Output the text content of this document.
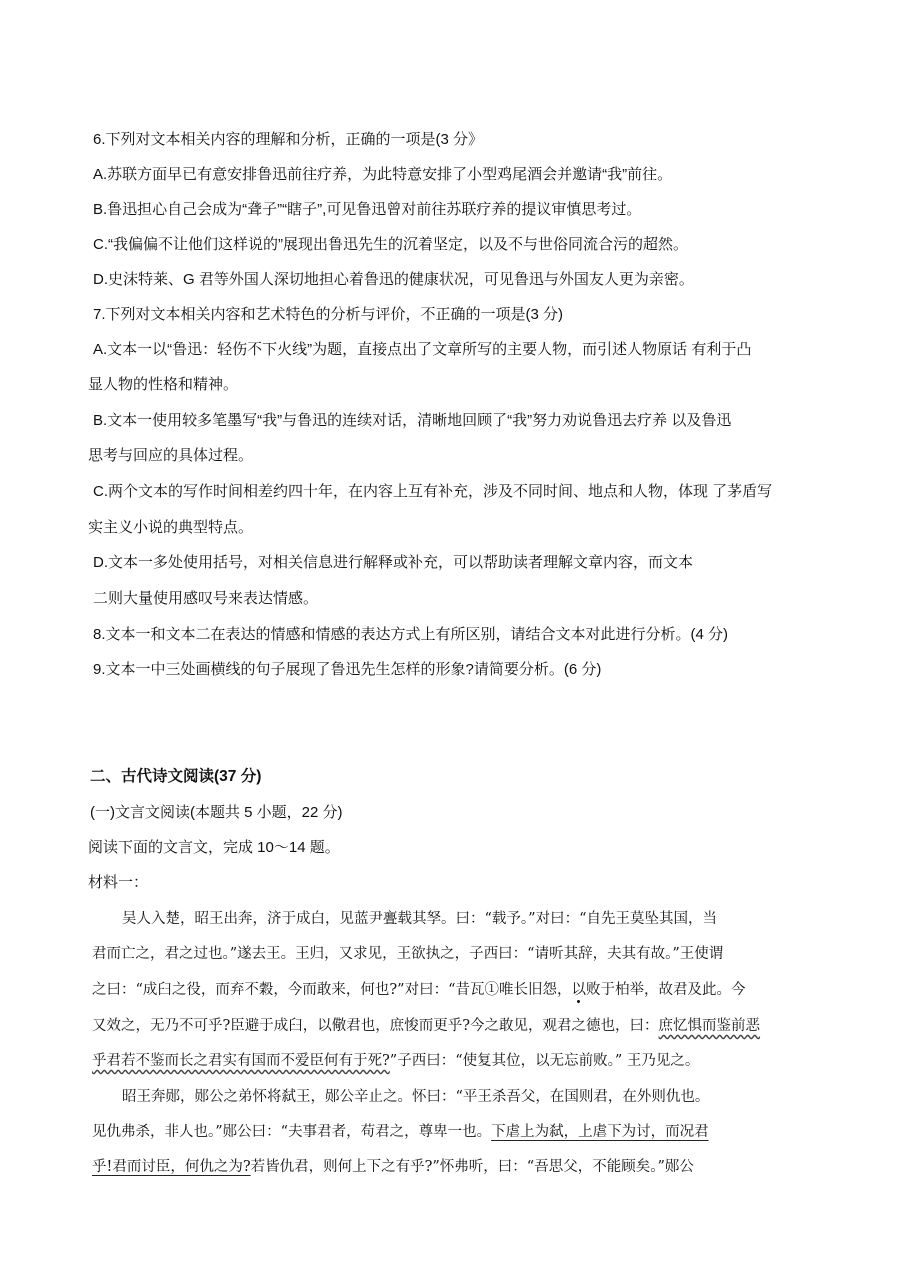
6.下列对文本相关内容的理解和分析，正确的一项是(3 分》
A.苏联方面早已有意安排鲁迅前往疗养，为此特意安排了小型鸡尾酒会并邀请“我”前往。
B.鲁迅担心自己会成为“聋子”“瞎子”,可见鲁迅曾对前往苏联疗养的提议审慎思考过。
C.“我偏偏不让他们这样说的”展现出鲁迅先生的沉着坚定，以及不与世俗同流合污的超然。
D.史沫特莱、G 君等外国人深切地担心着鲁迅的健康状况，可见鲁迅与外国友人更为亲密。
7.下列对文本相关内容和艺术特色的分析与评价，不正确的一项是(3 分)
A.文本一以“鲁迅：轻伤不下火线”为题，直接点出了文章所写的主要人物，而引述人物原话 有利于凸
显人物的性格和精神。
B.文本一使用较多笔墨写“我”与鲁迅的连续对话，清晰地回顾了“我”努力劝说鲁迅去疗养 以及鲁迅
思考与回应的具体过程。
C.两个文本的写作时间相差约四十年，在内容上互有补充，涉及不同时间、地点和人物，体现 了茅盾写
实主义小说的典型特点。
D.文本一多处使用括号，对相关信息进行解释或补充，可以帮助读者理解文章内容，而文本
二则大量使用感叹号来表达情感。
8.文本一和文本二在表达的情感和情感的表达方式上有所区别，请结合文本对此进行分析。(4 分)
9.文本一中三处画横线的句子展现了鲁迅先生怎样的形象?请简要分析。(6 分)
二、古代诗文阅读(37 分)
(一)文言文阅读(本题共 5 小题，22 分)
阅读下面的文言文，完成 10～14 题。
材料一：
吴人入楚，昭王出奔，济于成白，见蓝尹亹载其孥。曰：“载予。”对曰：“自先王莫坠其国，当
君而亡之，君之过也。”遂去王。王归，又求见，王欲执之，子西曰：“请听其辞，夫其有故。”王使谓
之曰：“成臼之役，而弃不穀，今而敢来，何也?”对曰：“昔瓦①唯长旧怨，以败于柏举，故君及此。今
又效之，无乃不可乎?臣避于成臼，以儆君也，庶悛而更乎?今之敢见，观君之德也，曰：庶忆惧而鉴前恶
乎君若不鉴而长之君实有国而不爱臣何有于死?”子西曰：“使复其位，以无忘前败。” 王乃见之。
昭王奔郧，郧公之弟怀将弑王，郧公辛止之。怀曰：“平王杀吾父，在国则君，在外则仇也。
见仇弗杀，非人也。”郧公曰：“夫事君者，苟君之，尊卑一也。下虐上为弑，上虐下为讨，而况君
乎!君而讨臣，何仇之为?若皆仇君，则何上下之有乎?”怀弗听，曰：“吾思父，不能顾矣。”郧公
